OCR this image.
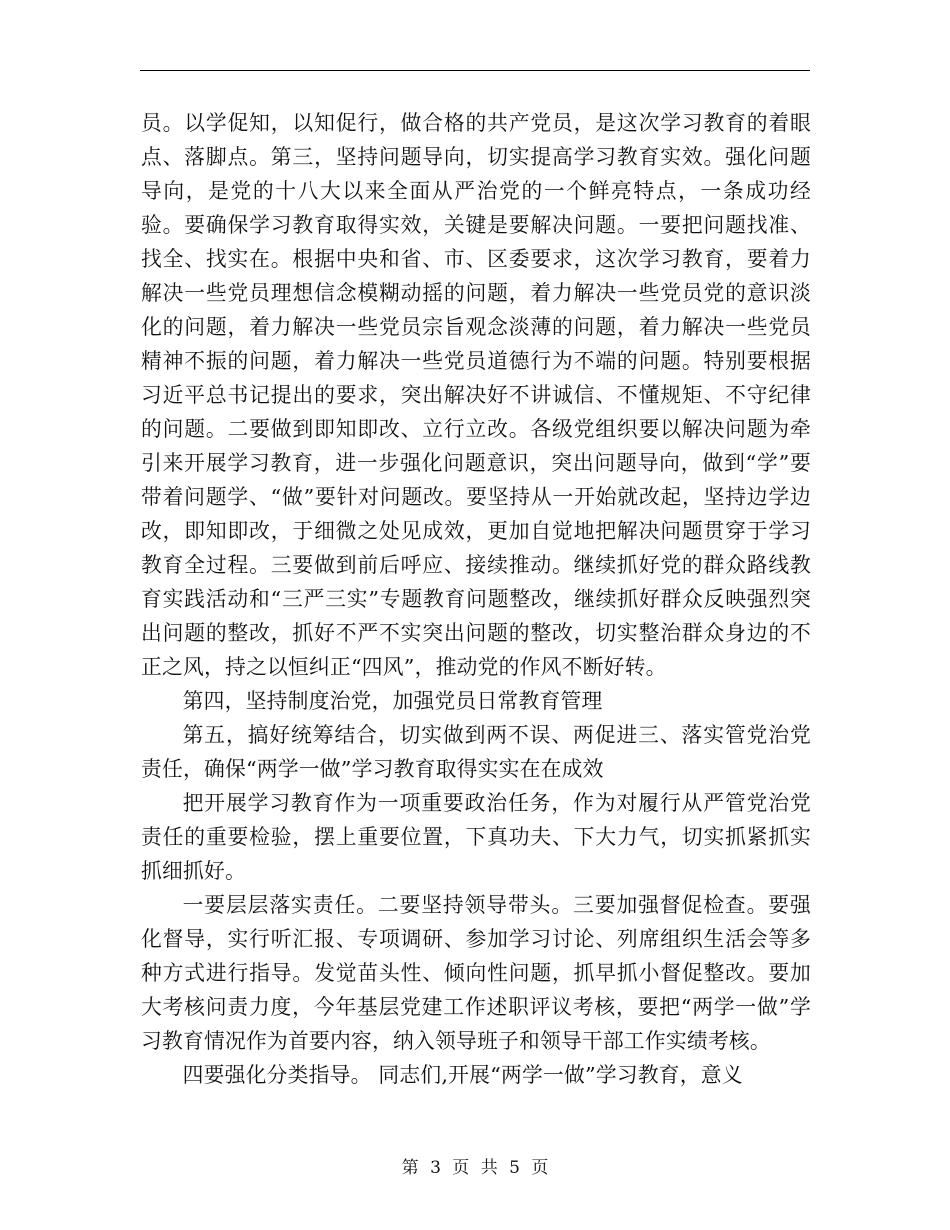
员。以学促知，以知促行，做合格的共产党员，是这次学习教育的着眼点、落脚点。第三，坚持问题导向，切实提高学习教育实效。强化问题导向，是党的十八大以来全面从严治党的一个鲜亮特点，一条成功经验。要确保学习教育取得实效，关键是要解决问题。一要把问题找准、找全、找实在。根据中央和省、市、区委要求，这次学习教育，要着力解决一些党员理想信念模糊动摇的问题，着力解决一些党员党的意识淡化的问题，着力解决一些党员宗旨观念淡薄的问题，着力解决一些党员精神不振的问题，着力解决一些党员道德行为不端的问题。特别要根据习近平总书记提出的要求，突出解决好不讲诚信、不懂规矩、不守纪律的问题。二要做到即知即改、立行立改。各级党组织要以解决问题为牵引来开展学习教育，进一步强化问题意识，突出问题导向，做到“学”要带着问题学、“做”要针对问题改。要坚持从一开始就改起，坚持边学边改，即知即改，于细微之处见成效，更加自觉地把解决问题贯穿于学习教育全过程。三要做到前后呼应、接续推动。继续抓好党的群众路线教育实践活动和“三严三实”专题教育问题整改，继续抓好群众反映强烈突出问题的整改，抓好不严不实突出问题的整改，切实整治群众身边的不正之风，持之以恒纠正“四风”，推动党的作风不断好转。

第四，坚持制度治党，加强党员日常教育管理

第五，搞好统筹结合，切实做到两不误、两促进三、落实管党治党责任，确保“两学一做”学习教育取得实实在在成效

把开展学习教育作为一项重要政治任务，作为对履行从严管党治党责任的重要检验，摆上重要位置，下真功夫、下大力气，切实抓紧抓实抓细抓好。

一要层层落实责任。二要坚持领导带头。三要加强督促检查。要强化督导，实行听汇报、专项调研、参加学习讨论、列席组织生活会等多种方式进行指导。发觉苗头性、倾向性问题，抓早抓小督促整改。要加大考核问责力度，今年基层党建工作述职评议考核，要把“两学一做”学习教育情况作为首要内容，纳入领导班子和领导干部工作实绩考核。

四要强化分类指导。 同志们,开展“两学一做”学习教育，意义

第 3 页 共 5 页
